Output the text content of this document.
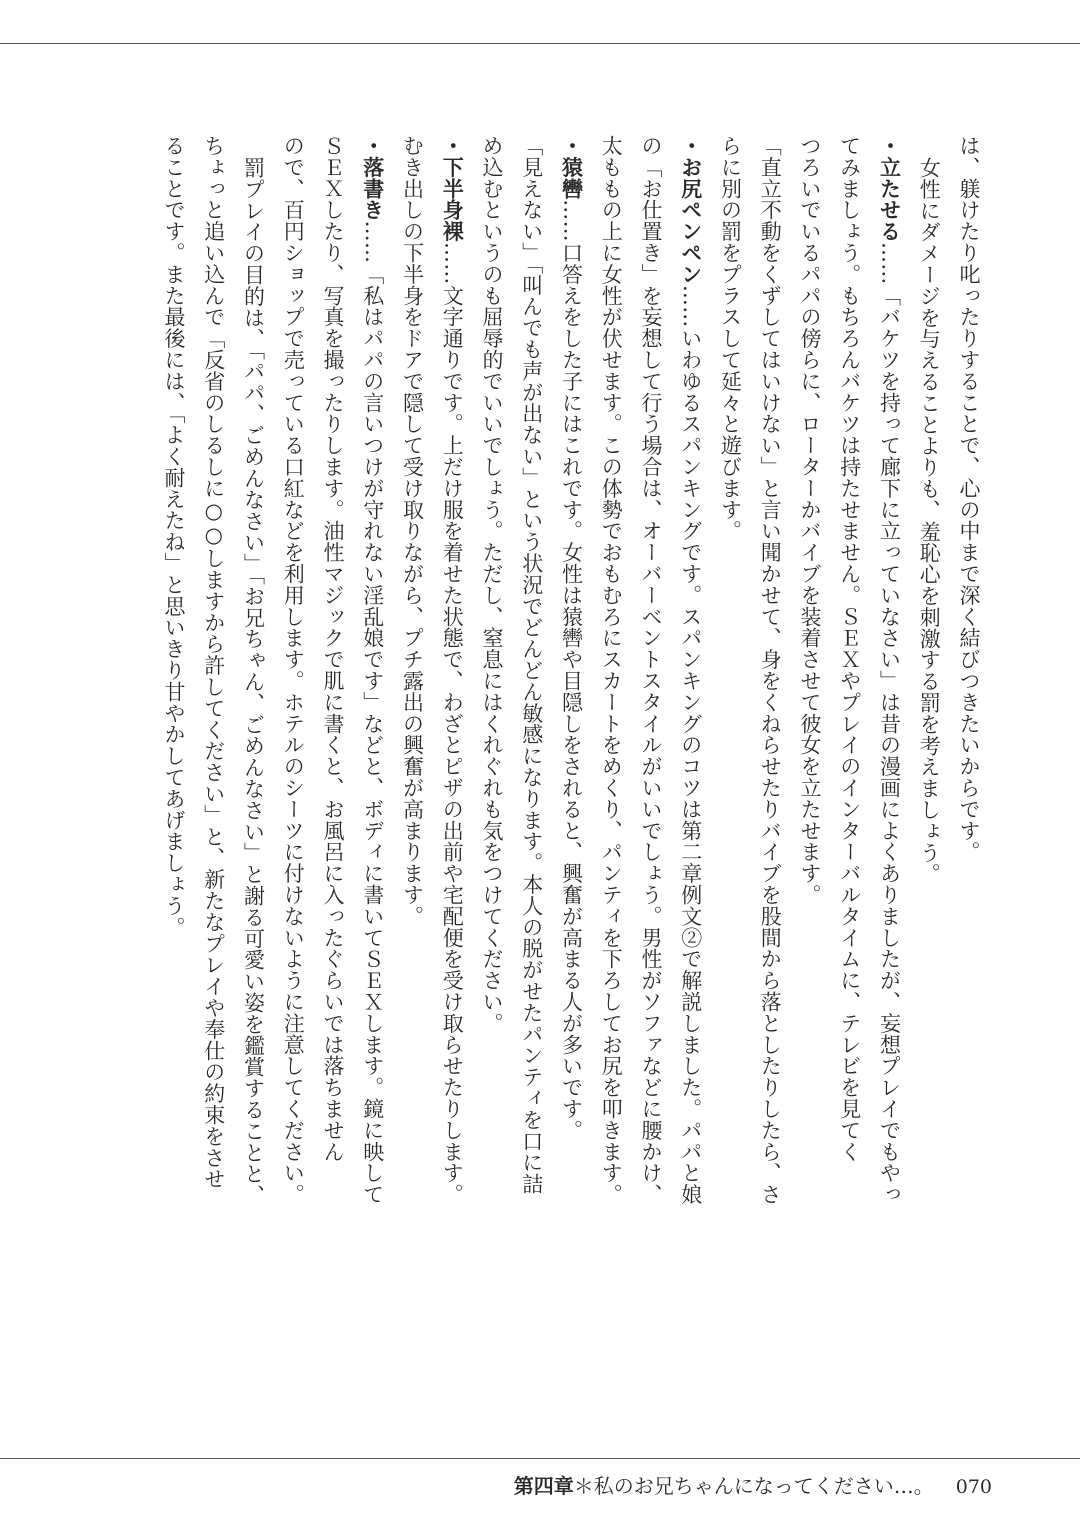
は、躾けたり叱ったりすることで、心の中まで深く結びつきたいからです。
女性にダメージを与えることよりも、羞恥心を刺激する罰を考えましょう。
・立たせる……「バケツを持って廊下に立っていなさい」は昔の漫画によくありましたが、妄想プレイでもやっ
てみましょう。もちろんバケツは持たせません。ＳＥＸやプレイのインターバルタイムに、テレビを見てく
つろいでいるパパの傍らに、ローターかバイブを装着させて彼女を立たせます。
「直立不動をくずしてはいけない」と言い聞かせて、身をくねらせたりバイブを股間から落としたりしたら、さ
らに別の罰をプラスして延々と遊びます。
・お尻ペンペン……いわゆるスパンキングです。スパンキングのコツは第二章例文②で解説しました。パパと娘
の「お仕置き」を妄想して行う場合は、オーバーベントスタイルがいいでしょう。男性がソファなどに腰かけ、
太ももの上に女性が伏せます。この体勢でおもむろにスカートをめくり、パンティを下ろしてお尻を叩きます。
・猿轡……口答えをした子にはこれです。女性は猿轡や目隠しをされると、興奮が高まる人が多いです。
「見えない」「叫んでも声が出ない」という状況でどんどん敏感になります。本人の脱がせたパンティを口に詰
め込むというのも屈辱的でいいでしょう。ただし、窒息にはくれぐれも気をつけてください。
・下半身裸……文字通りです。上だけ服を着せた状態で、わざとピザの出前や宅配便を受け取らせたりします。
むき出しの下半身をドアで隠して受け取りながら、プチ露出の興奮が高まります。
・落書き……「私はパパの言いつけが守れない淫乱娘です」などと、ボディに書いてＳＥＸします。鏡に映して
ＳＥＸしたり、写真を撮ったりします。油性マジックで肌に書くと、お風呂に入ったぐらいでは落ちません
ので、百円ショップで売っている口紅などを利用します。ホテルのシーツに付けないように注意してください。
罰プレイの目的は、「パパ、ごめんなさい」「お兄ちゃん、ごめんなさい」と謝る可愛い姿を鑑賞することと、
ちょっと追い込んで「反省のしるしに○○しますから許してください」と、新たなプレイや奉仕の約束をさせ
ることです。また最後には、「よく耐えたね」と思いきり甘やかしてあげましょう。
第四章＊私のお兄ちゃんになってください…。 070
